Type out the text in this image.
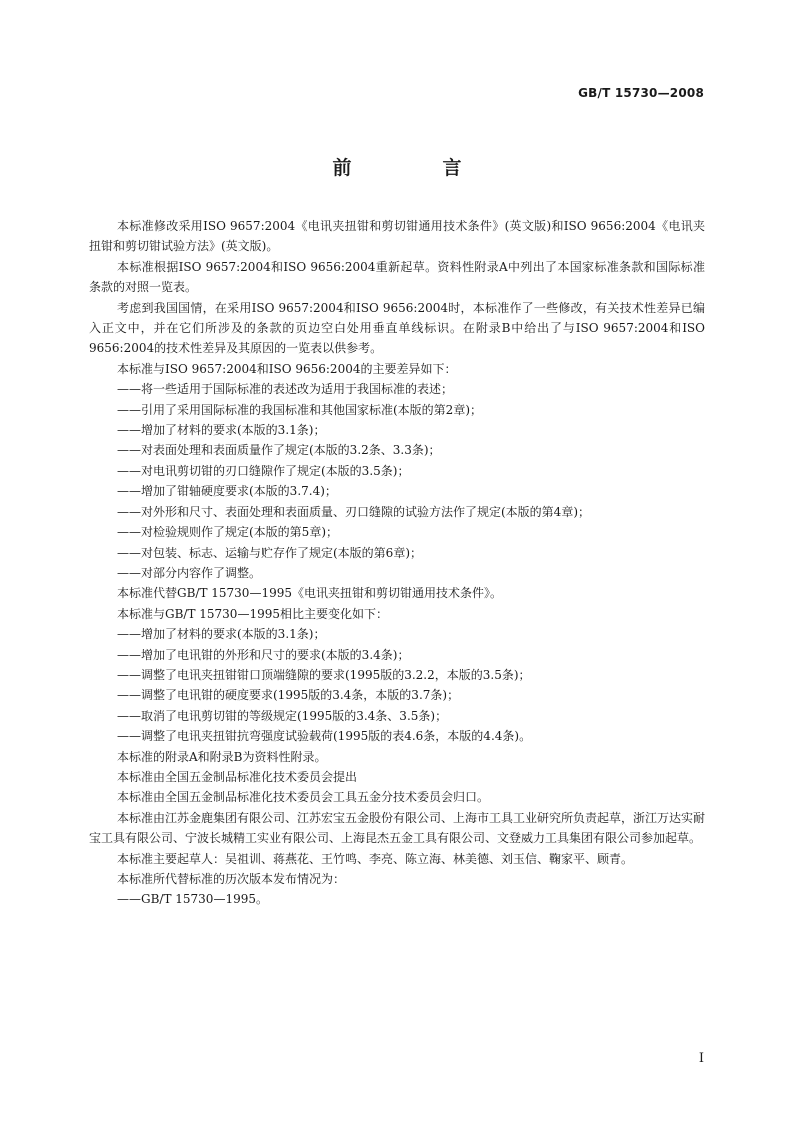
GB/T 15730—2008
前　言

本标准修改采用ISO 9657:2004《电讯夹扭钳和剪切钳通用技术条件》(英文版)和ISO 9656:2004《电讯夹扭钳和剪切钳试验方法》(英文版)。

本标准根据ISO 9657:2004和ISO 9656:2004重新起草。资料性附录A中列出了本国家标准条款和国际标准条款的对照一览表。

考虑到我国国情，在采用ISO 9657:2004和ISO 9656:2004时，本标准作了一些修改，有关技术性差异已编入正文中，并在它们所涉及的条款的页边空白处用垂直单线标识。在附录B中给出了与ISO 9657:2004和ISO 9656:2004的技术性差异及其原因的一览表以供参考。

本标准与ISO 9657:2004和ISO 9656:2004的主要差异如下：

——将一些适用于国际标准的表述改为适用于我国标准的表述；

——引用了采用国际标准的我国标准和其他国家标准(本版的第2章)；

——增加了材料的要求(本版的3.1条)；

——对表面处理和表面质量作了规定(本版的3.2条、3.3条)；

——对电讯剪切钳的刃口缝隙作了规定(本版的3.5条)；

——增加了钳轴硬度要求(本版的3.7.4)；

——对外形和尺寸、表面处理和表面质量、刃口缝隙的试验方法作了规定(本版的第4章)；

——对检验规则作了规定(本版的第5章)；

——对包装、标志、运输与贮存作了规定(本版的第6章)；

——对部分内容作了调整。

本标准代替GB/T 15730—1995《电讯夹扭钳和剪切钳通用技术条件》。

本标准与GB/T 15730—1995相比主要变化如下：

——增加了材料的要求(本版的3.1条)；

——增加了电讯钳的外形和尺寸的要求(本版的3.4条)；

——调整了电讯夹扭钳钳口顶端缝隙的要求(1995版的3.2.2，本版的3.5条)；

——调整了电讯钳的硬度要求(1995版的3.4条，本版的3.7条)；

——取消了电讯剪切钳的等级规定(1995版的3.4条、3.5条)；

——调整了电讯夹扭钳抗弯强度试验载荷(1995版的表4.6条，本版的4.4条)。

本标准的附录A和附录B为资料性附录。

本标准由全国五金制品标准化技术委员会提出

本标准由全国五金制品标准化技术委员会工具五金分技术委员会归口。

本标准由江苏金鹿集团有限公司、江苏宏宝五金股份有限公司、上海市工具工业研究所负责起草，浙江万达实耐宝工具有限公司、宁波长城精工实业有限公司、上海昆杰五金工具有限公司、文登威力工具集团有限公司参加起草。

本标准主要起草人：吴祖训、蒋燕花、王竹鸣、李亮、陈立海、林美德、刘玉信、鞠家平、顾青。

本标准所代替标准的历次版本发布情况为：

——GB/T 15730—1995。

I
